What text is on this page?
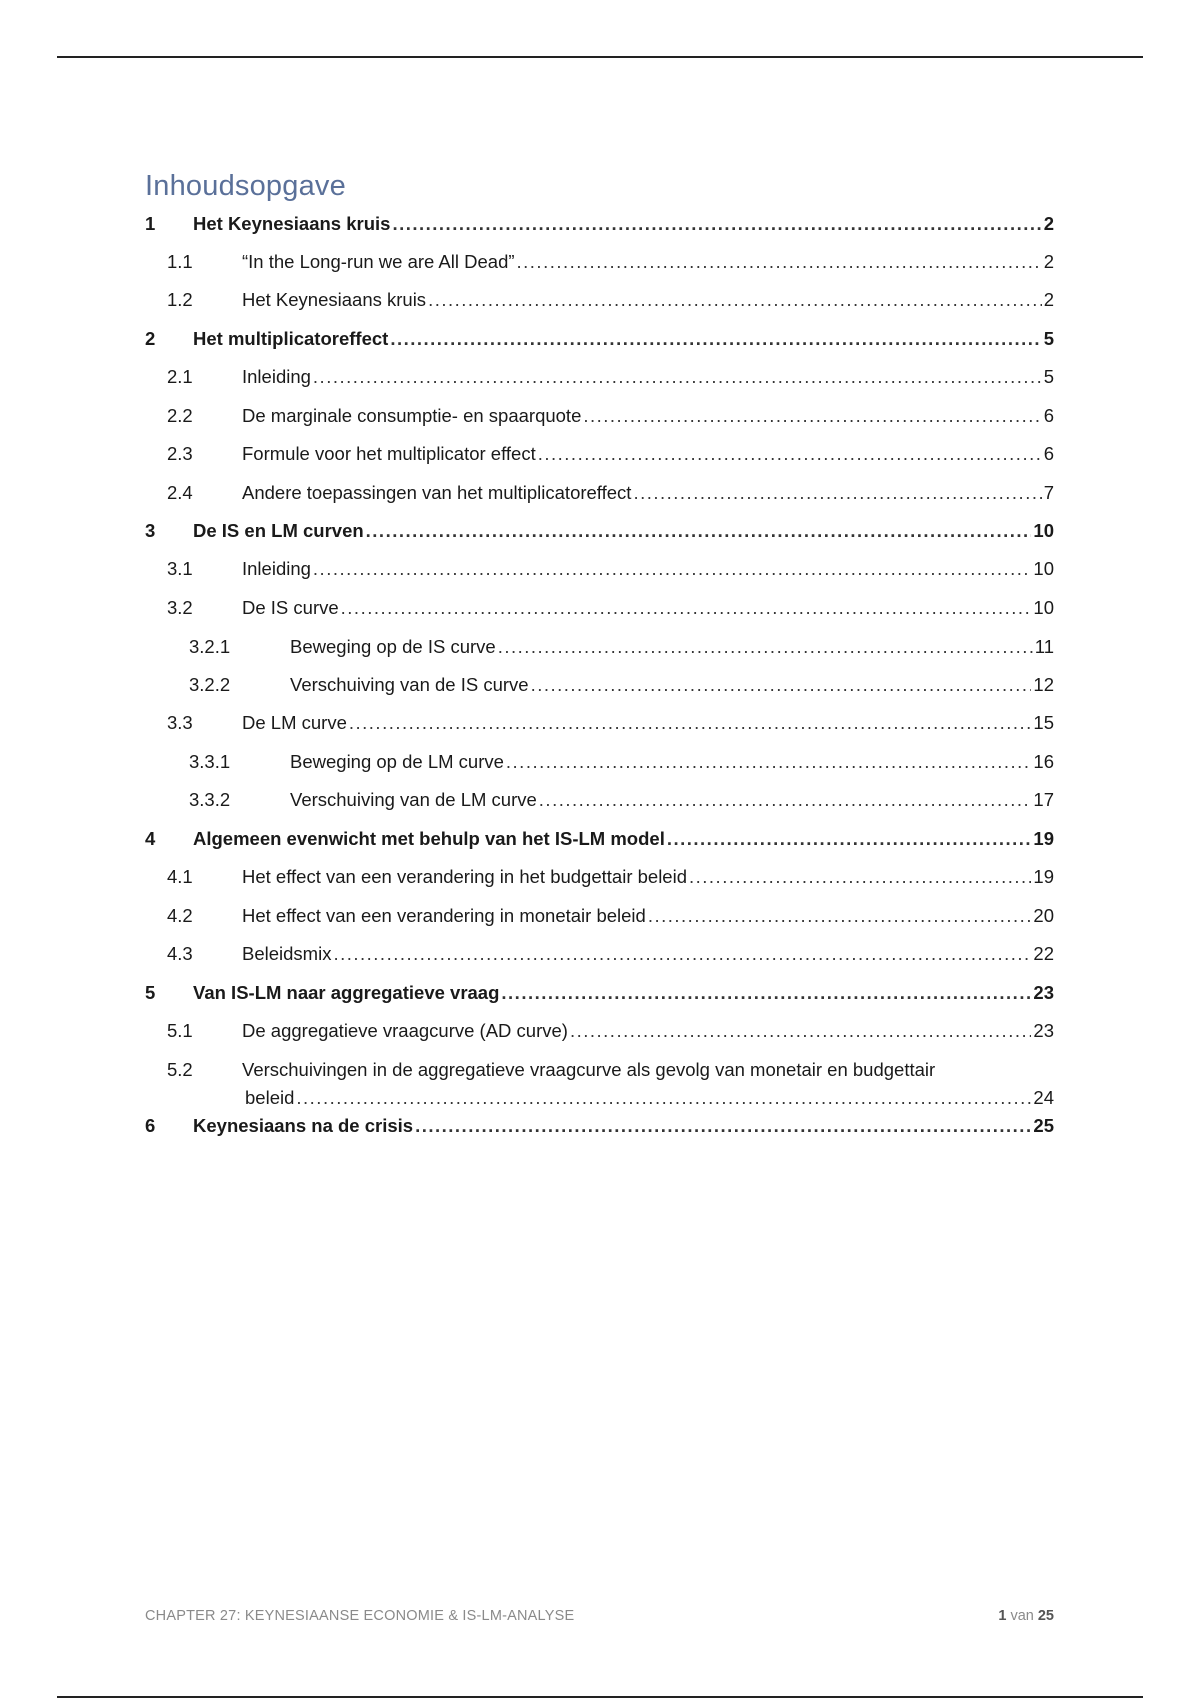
Inhoudsopgave
1 Het Keynesiaans kruis .....	2
1.1	“In the Long-run we are All Dead” .....	2
1.2	Het Keynesiaans kruis .....	2
2 Het multiplicatoreffect .....	5
2.1	Inleiding .....	5
2.2	De marginale consumptie- en spaarquote .....	6
2.3	Formule voor het multiplicator effect .....	6
2.4	Andere toepassingen van het multiplicatoreffect .....	7
3 De IS en LM curven .....	10
3.1	Inleiding .....	10
3.2	De IS curve .....	10
3.2.1	Beweging op de IS curve .....	11
3.2.2	Verschuiving van de IS curve .....	12
3.3	De LM curve .....	15
3.3.1	Beweging op de LM curve .....	16
3.3.2	Verschuiving van de LM curve .....	17
4 Algemeen evenwicht met behulp van het IS-LM model .....	19
4.1	Het effect van een verandering in het budgettair beleid .....	19
4.2	Het effect van een verandering in monetair beleid .....	20
4.3	Beleidsmix .....	22
5 Van IS-LM naar aggregatieve vraag .....	23
5.1	De aggregatieve vraagcurve (AD curve) .....	23
5.2	Verschuivingen in de aggregatieve vraagcurve als gevolg van monetair en budgettair
beleid .....	24
6 Keynesiaans na de crisis .....	25
CHAPTER 27: KEYNESIAANSE ECONOMIE & IS-LM-ANALYSE	1 van 25
